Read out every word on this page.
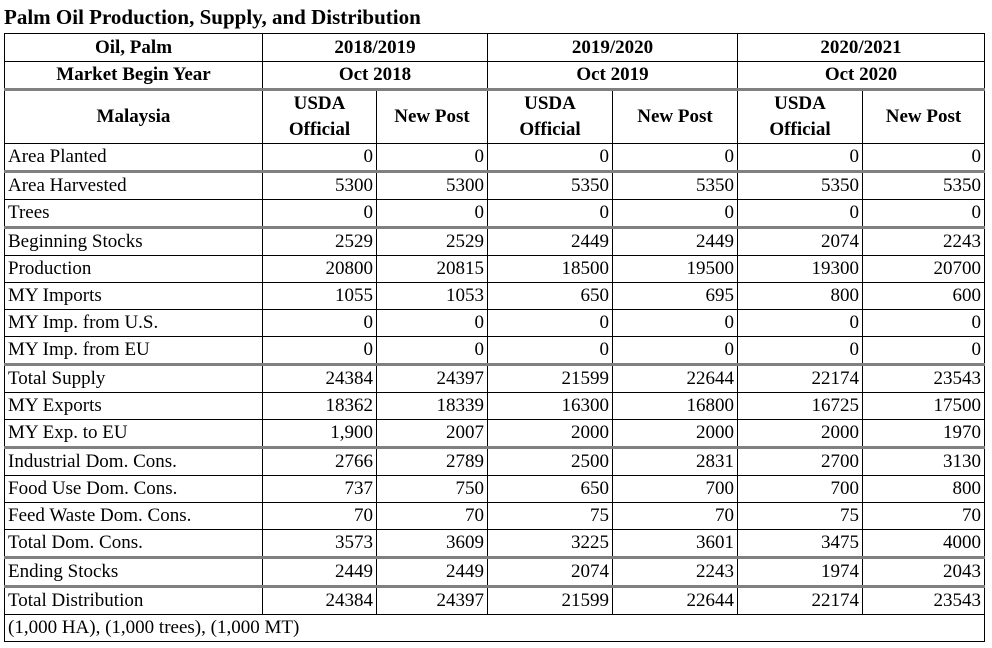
Palm Oil Production, Supply, and Distribution
Oil, Palm	2018/2019		2019/2020		2020/2021	
Market Begin Year	Oct 2018		Oct 2019		Oct 2020	
Malaysia	USDA Official	New Post	USDA Official	New Post	USDA Official	New Post

Area Planted	0	0	0	0	0	0
Area Harvested	5300	5300	5350	5350	5350	5350
Trees	0	0	0	0	0	0
Beginning Stocks	2529	2529	2449	2449	2074	2243
Production	20800	20815	18500	19500	19300	20700
MY Imports	1055	1053	650	695	800	600
MY Imp. from U.S.	0	0	0	0	0	0
MY Imp. from EU	0	0	0	0	0	0
Total Supply	24384	24397	21599	22644	22174	23543
MY Exports	18362	18339	16300	16800	16725	17500
MY Exp. to EU	1,900	2007	2000	2000	2000	1970
Industrial Dom. Cons.	2766	2789	2500	2831	2700	3130
Food Use Dom. Cons.	737	750	650	700	700	800
Feed Waste Dom. Cons.	70	70	75	70	75	70
Total Dom. Cons.	3573	3609	3225	3601	3475	4000
Ending Stocks	2449	2449	2074	2243	1974	2043
Total Distribution	24384	24397	21599	22644	22174	23543
(1,000 HA), (1,000 trees), (1,000 MT)						
